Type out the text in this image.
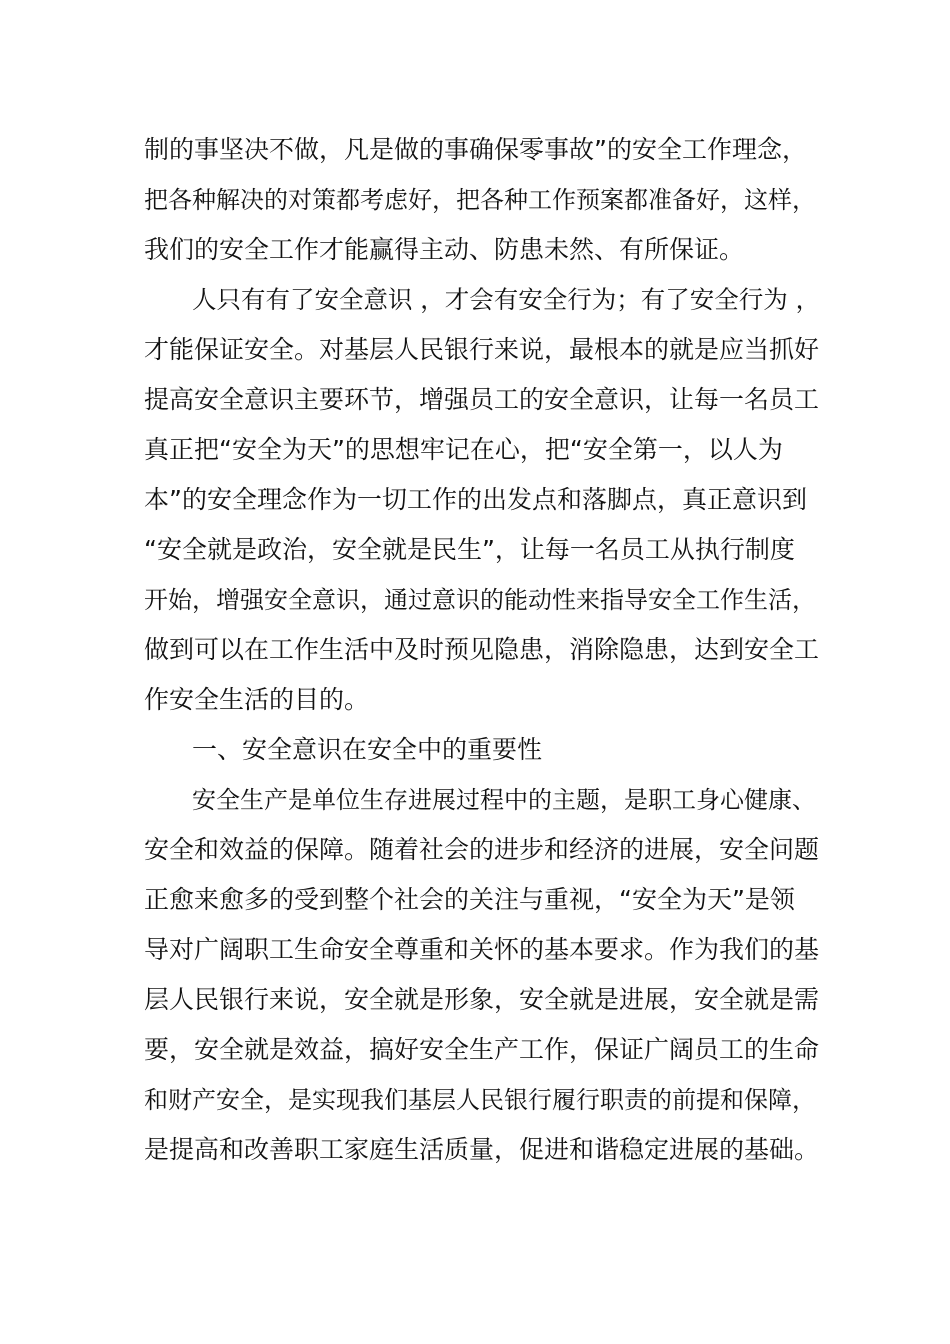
制的事坚决不做，凡是做的事确保零事故”的安全工作理念，
把各种解决的对策都考虑好，把各种工作预案都准备好，这样，
我们的安全工作才能赢得主动、防患未然、有所保证。
人只有有了安全意识 ，才会有安全行为；有了安全行为 ，
才能保证安全。对基层人民银行来说，最根本的就是应当抓好
提高安全意识主要环节，增强员工的安全意识，让每一名员工
真正把“安全为天”的思想牢记在心，把“安全第一，以人为
本”的安全理念作为一切工作的出发点和落脚点，真正意识到
“安全就是政治，安全就是民生”，让每一名员工从执行制度
开始，增强安全意识，通过意识的能动性来指导安全工作生活，
做到可以在工作生活中及时预见隐患，消除隐患，达到安全工
作安全生活的目的。
一、安全意识在安全中的重要性
安全生产是单位生存进展过程中的主题，是职工身心健康、
安全和效益的保障。随着社会的进步和经济的进展，安全问题
正愈来愈多的受到整个社会的关注与重视，“安全为天”是领
导对广阔职工生命安全尊重和关怀的基本要求。作为我们的基
层人民银行来说，安全就是形象，安全就是进展，安全就是需
要，安全就是效益，搞好安全生产工作，保证广阔员工的生命
和财产安全，是实现我们基层人民银行履行职责的前提和保障，
是提高和改善职工家庭生活质量，促进和谐稳定进展的基础。
